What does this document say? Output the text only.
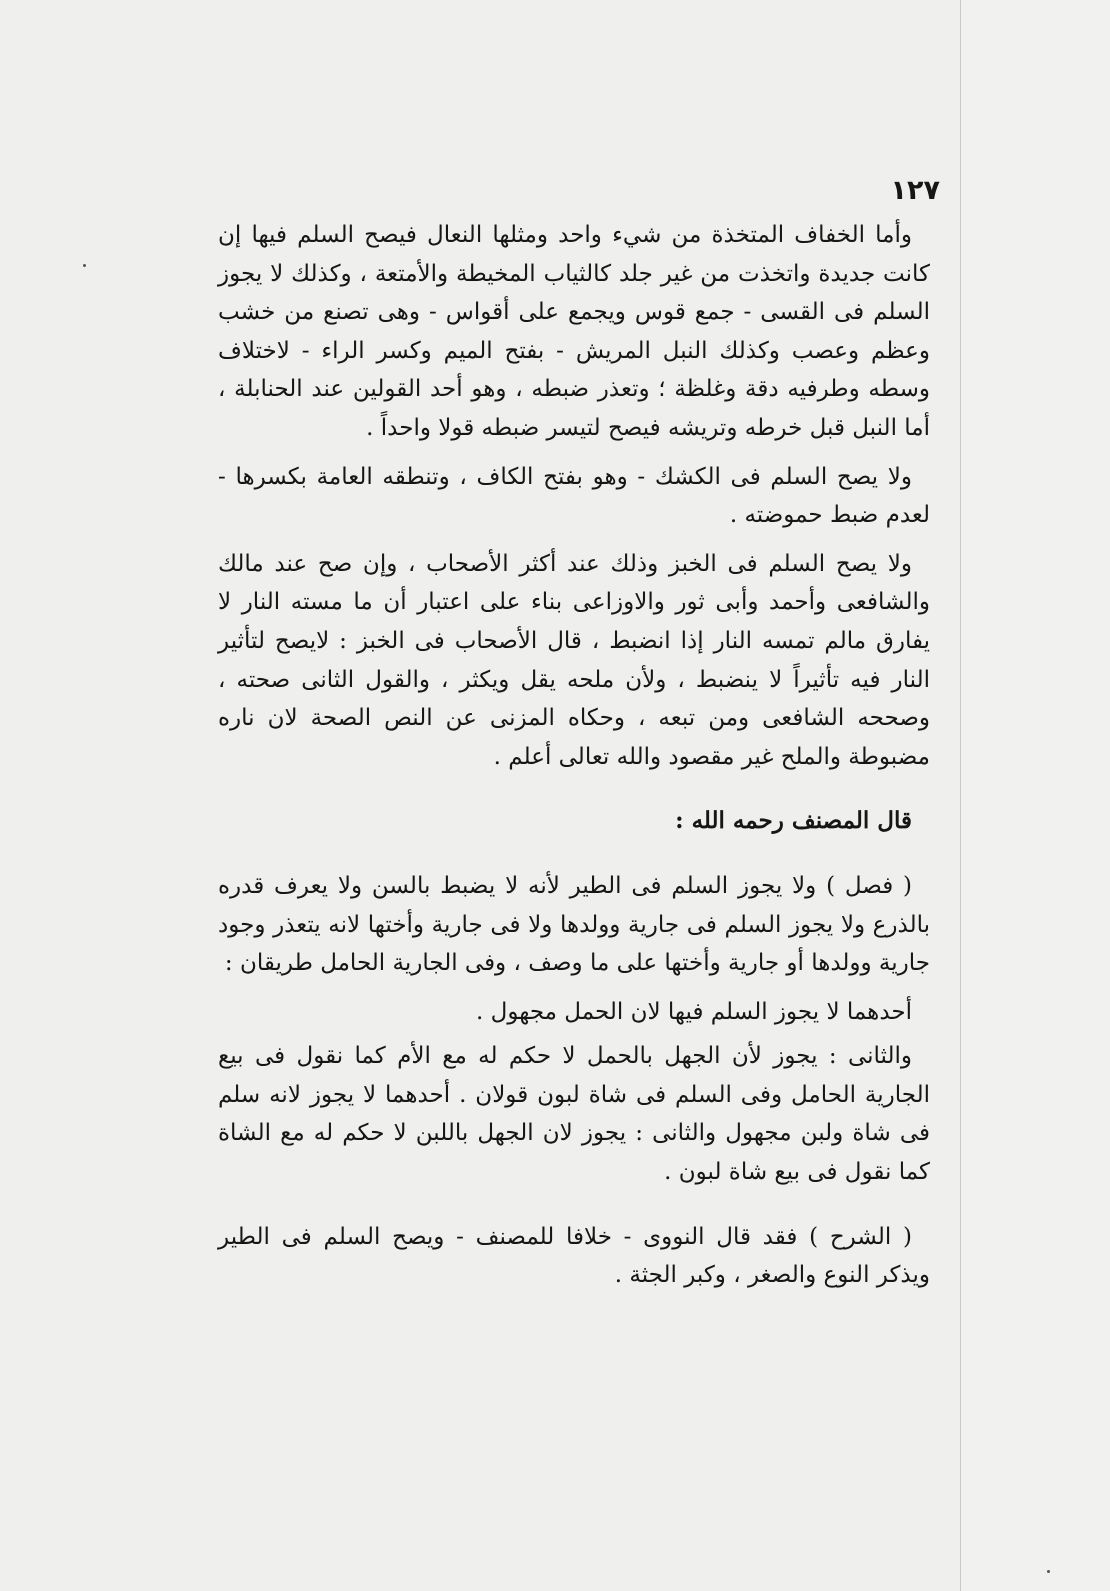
١٢٧

وأما الخفاف المتخذة من شيء واحد ومثلها النعال فيصح السلم فيها إن كانت جديدة واتخذت من غير جلد كالثياب المخيطة والأمتعة ، وكذلك لا يجوز السلم فى القسى - جمع قوس ويجمع على أقواس - وهى تصنع من خشب وعظم وعصب وكذلك النبل المريش - بفتح الميم وكسر الراء - لاختلاف وسطه وطرفيه دقة وغلظة ؛ وتعذر ضبطه ، وهو أحد القولين عند الحنابلة ، أما النبل قبل خرطه وتريشه فيصح لتيسر ضبطه قولا واحداً .

ولا يصح السلم فى الكشك - وهو بفتح الكاف ، وتنطقه العامة بكسرها - لعدم ضبط حموضته .

ولا يصح السلم فى الخبز وذلك عند أكثر الأصحاب ، وإن صح عند مالك والشافعى وأحمد وأبى ثور والاوزاعى بناء على اعتبار أن ما مسته النار لا يفارق مالم تمسه النار إذا انضبط ، قال الأصحاب فى الخبز : لايصح لتأثير النار فيه تأثيراً لا ينضبط ، ولأن ملحه يقل ويكثر ، والقول الثانى صحته ، وصححه الشافعى ومن تبعه ، وحكاه المزنى عن النص الصحة لان ناره مضبوطة والملح غير مقصود والله تعالى أعلم .

قال المصنف رحمه الله :

( فصل ) ولا يجوز السلم فى الطير لأنه لا يضبط بالسن ولا يعرف قدره بالذرع ولا يجوز السلم فى جارية وولدها ولا فى جارية وأختها لانه يتعذر وجود جارية وولدها أو جارية وأختها على ما وصف ، وفى الجارية الحامل طريقان :

أحدهما لا يجوز السلم فيها لان الحمل مجهول .

والثانى : يجوز لأن الجهل بالحمل لا حكم له مع الأم كما نقول فى بيع الجارية الحامل وفى السلم فى شاة لبون قولان . أحدهما لا يجوز لانه سلم فى شاة ولبن مجهول والثانى : يجوز لان الجهل باللبن لا حكم له مع الشاة كما نقول فى بيع شاة لبون .

( الشرح ) فقد قال النووى - خلافا للمصنف - ويصح السلم فى الطير ويذكر النوع والصغر ، وكبر الجثة .
